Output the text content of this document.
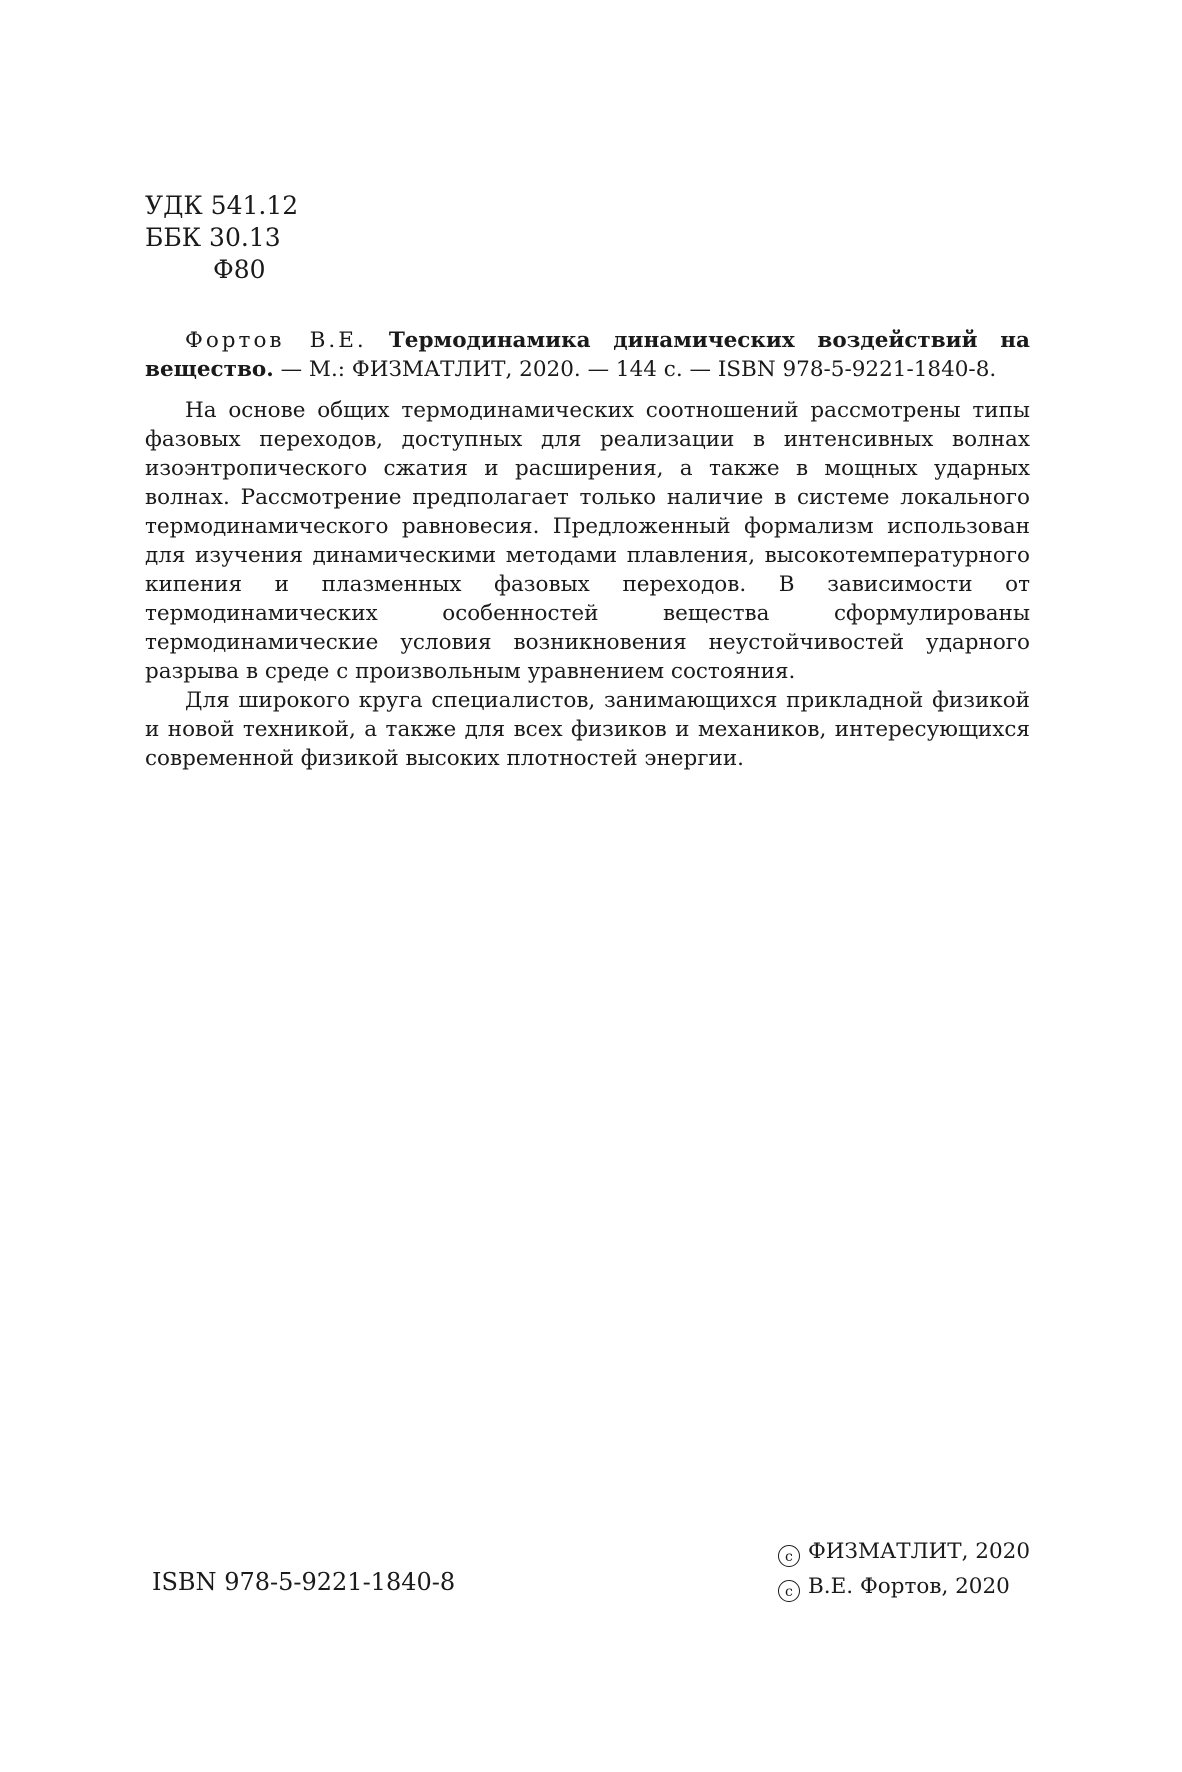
УДК 541.12
ББК 30.13
Ф80
Фортов В.Е. Термодинамика динамических воздействий на вещество. — М.: ФИЗМАТЛИТ, 2020. — 144 с. — ISBN 978-5-9221-1840-8.

На основе общих термодинамических соотношений рассмотрены типы фазовых переходов, доступных для реализации в интенсивных волнах изоэнтропического сжатия и расширения, а также в мощных ударных волнах. Рассмотрение предполагает только наличие в системе локального термодинамического равновесия. Предложенный формализм использован для изучения динамическими методами плавления, высокотемпературного кипения и плазменных фазовых переходов. В зависимости от термодинамических особенностей вещества сформулированы термодинамические условия возникновения неустойчивостей ударного разрыва в среде с произвольным уравнением состояния.

Для широкого круга специалистов, занимающихся прикладной физикой и новой техникой, а также для всех физиков и механиков, интересующихся современной физикой высоких плотностей энергии.

ISBN 978-5-9221-1840-8
c ФИЗМАТЛИТ, 2020
c В.Е. Фортов, 2020
